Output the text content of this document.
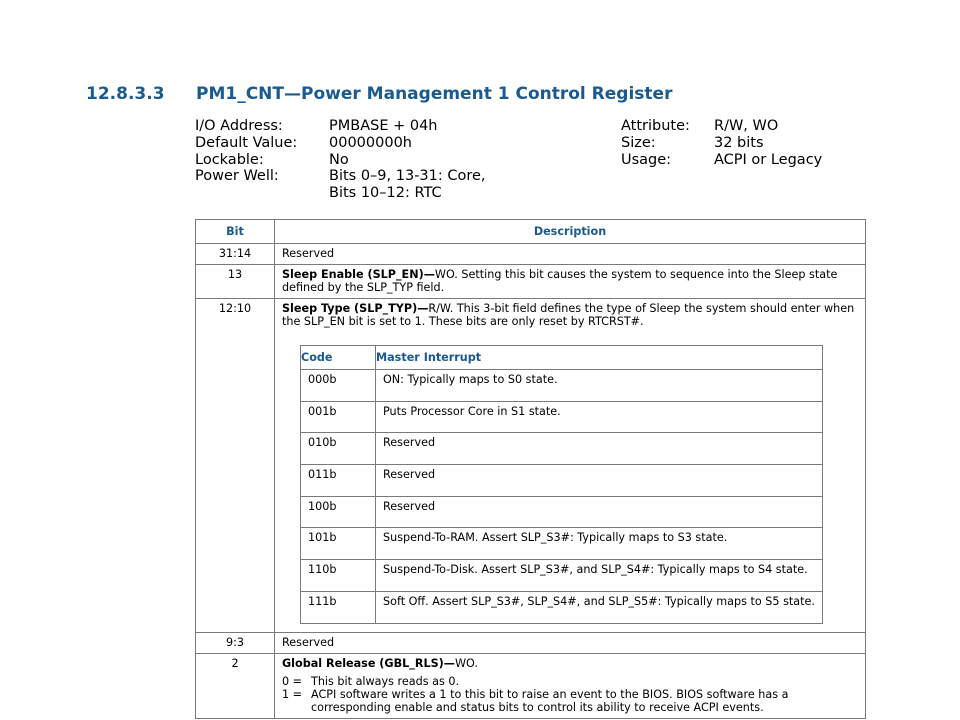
12.8.3.3 PM1_CNT—Power Management 1 Control Register
I/O Address:	PMBASE + 04h
Default Value:	00000000h
Lockable:	No
Power Well:	Bits 0–9, 13-31: Core,
Bits 10–12: RTC
Attribute:	R/W, WO
Size:	32 bits
Usage:	ACPI or Legacy
Bit	Description
31:14	Reserved
13	Sleep Enable (SLP_EN)—WO. Setting this bit causes the system to sequence into the Sleep state defined by the SLP_TYP field.
12:10	Sleep Type (SLP_TYP)—R/W. This 3-bit field defines the type of Sleep the system should enter when the SLP_EN bit is set to 1. These bits are only reset by RTCRST#.
Code	Master Interrupt
000b	ON: Typically maps to S0 state.
001b	Puts Processor Core in S1 state.
010b	Reserved
011b	Reserved
100b	Reserved
101b	Suspend-To-RAM. Assert SLP_S3#: Typically maps to S3 state.
110b	Suspend-To-Disk. Assert SLP_S3#, and SLP_S4#: Typically maps to S4 state.
111b	Soft Off. Assert SLP_S3#, SLP_S4#, and SLP_S5#: Typically maps to S5 state.

9:3	Reserved
2	Global Release (GBL_RLS)—WO.
0 = This bit always reads as 0.
1 = ACPI software writes a 1 to this bit to raise an event to the BIOS. BIOS software has a corresponding enable and status bits to control its ability to receive ACPI events.
